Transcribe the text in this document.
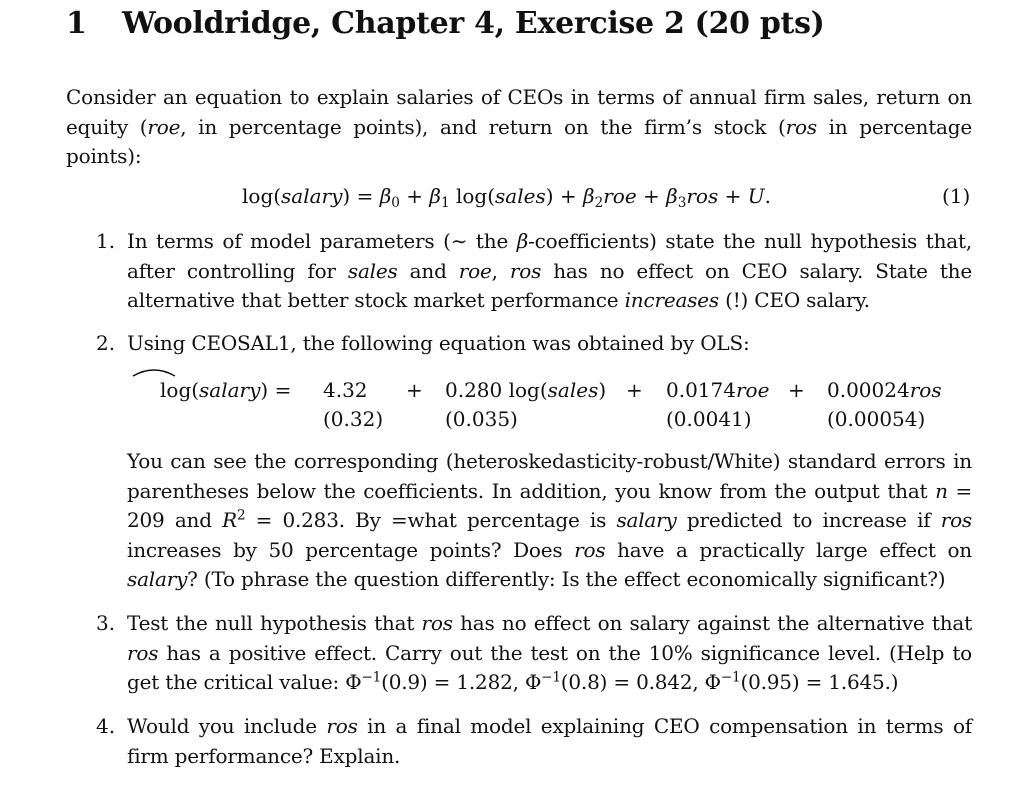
1 Wooldridge, Chapter 4, Exercise 2 (20 pts)
Consider an equation to explain salaries of CEOs in terms of annual firm sales, return on equity (roe, in percentage points), and return on the firm’s stock (ros in percentage points):
log(salary) = $\beta_0 + \beta_1$ log(sales) + $\beta_2roe + \beta_3ros + U$.	(1)
1. In terms of model parameters (∼ the β-coefficients) state the null hypothesis that, after controlling for sales and roe, ros has no effect on CEO salary. State the alternative that better stock market performance increases (!) CEO salary.
2. Using CEOSAL1, the following equation was obtained by OLS:
log(salary) = 4.32 + 0.280 log(sales) + 0.0174roe + 0.00024ros
(0.32)	(0.035)	(0.0041)	(0.00054)
You can see the corresponding (heteroskedasticity-robust/White) standard errors in parentheses below the coefficients. In addition, you know from the output that n = 209 and $R^2 = 0.283$. By =what percentage is salary predicted to increase if ros increases by 50 percentage points? Does ros have a practically large effect on salary? (To phrase the question differently: Is the effect economically significant?)
3. Test the null hypothesis that ros has no effect on salary against the alternative that ros has a positive effect. Carry out the test on the 10% significance level. (Help to get the critical value: $\Phi^{-1}(0.9) = 1.282$, $\Phi^{-1}(0.8) = 0.842$, $\Phi^{-1}(0.95) = 1.645$.)
4. Would you include ros in a final model explaining CEO compensation in terms of firm performance? Explain.
